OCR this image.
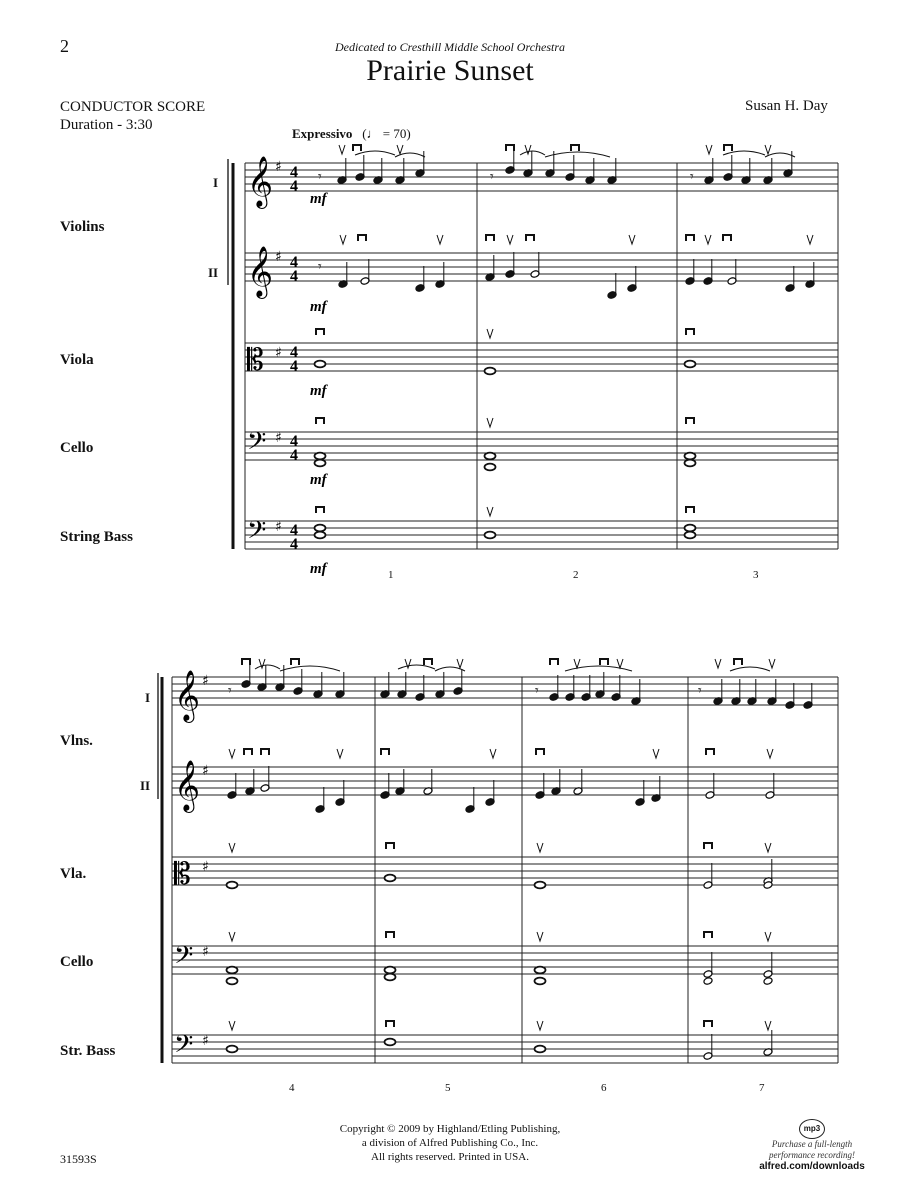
2	Dedicated to Cresthill Middle School Orchestra
Prairie Sunset
CONDUCTOR SCORE
Duration - 3:30
Susan H. Day
Expressivo (♩ = 70)
Violins
Viola
Cello
String Bass
I
II
1	2	3
Vlns.
Vla.
Cello
Str. Bass
I
II
4	5	6	7
𝄞 ♯ 4
4
𝄞 ♯ 4
4
𝄡 ♯ 4
4
𝄢 ♯ 4
4
𝄢 ♯ 4
4
𝄾	𝄾	𝄾
𝄾
mf
mf
mf
mf
mf
𝄞 ♯
𝄞 ♯
𝄡 ♯
𝄢 ♯
𝄢 ♯
𝄾	𝄾	𝄾
Copyright © 2009 by Highland/Etling Publishing,
a division of Alfred Publishing Co., Inc.
All rights reserved. Printed in USA.
31593S
mp3
Purchase a full-length
performance recording!
alfred.com/downloads
